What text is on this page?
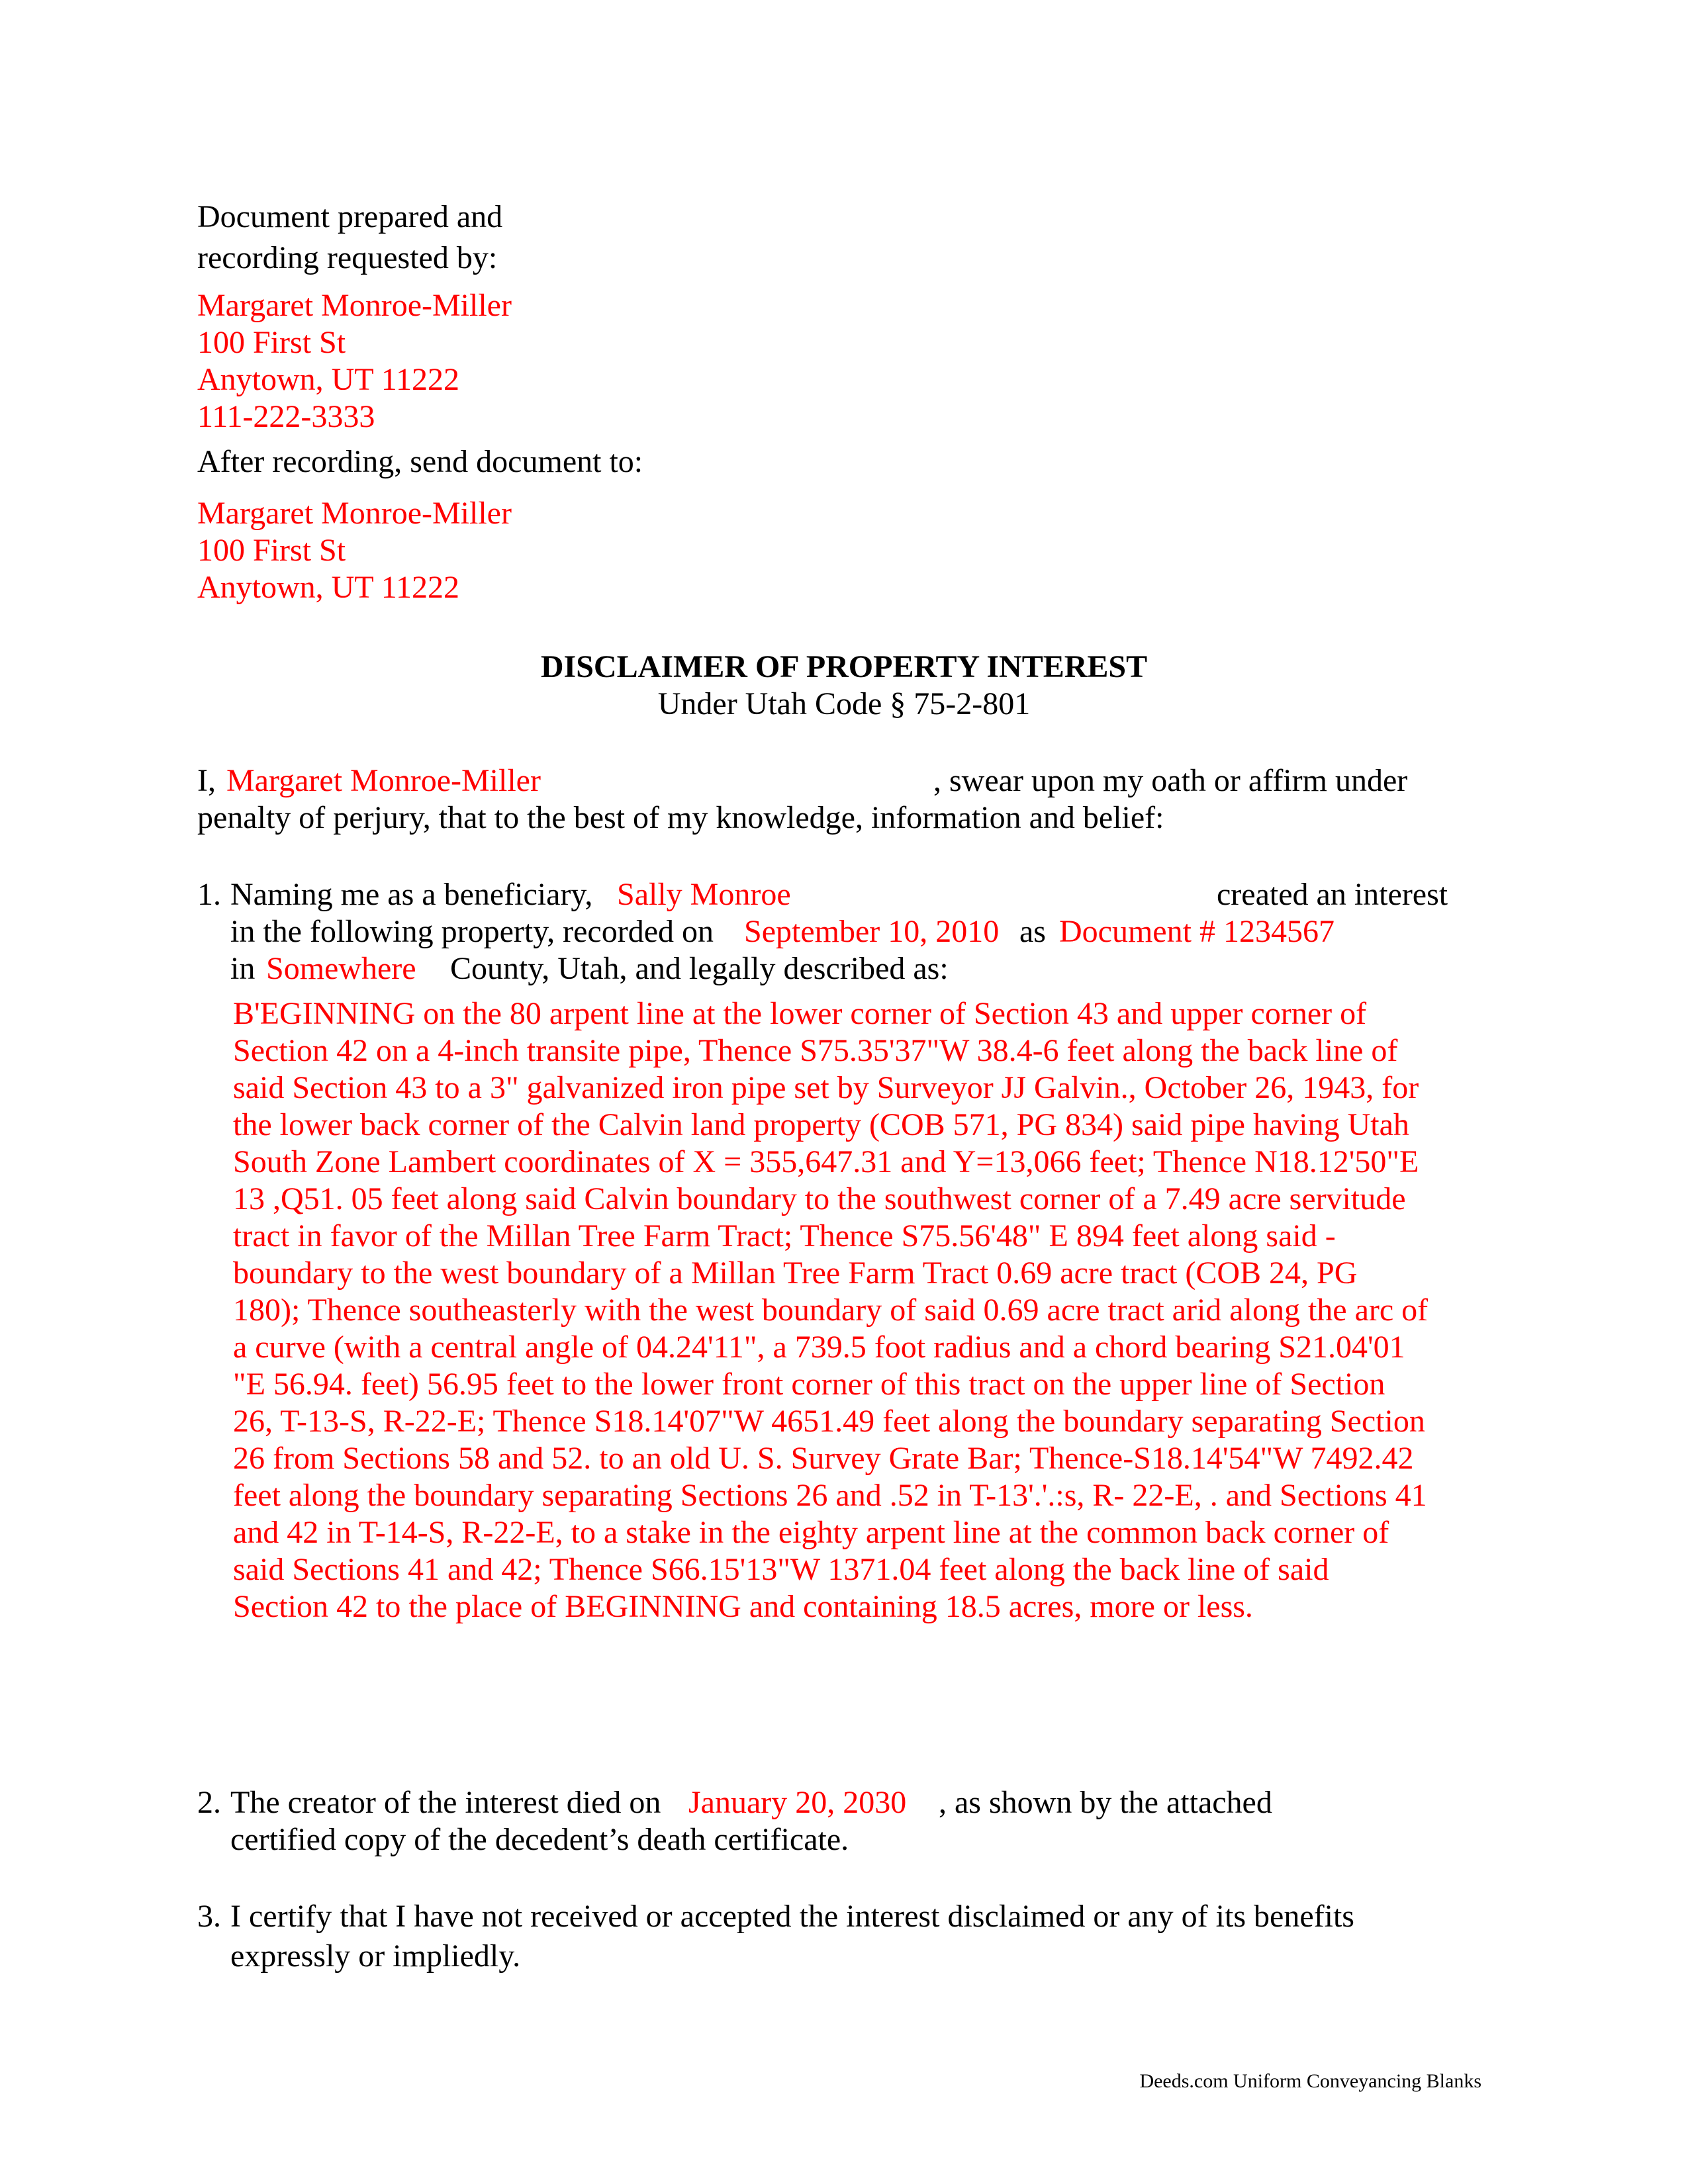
Document prepared and
recording requested by:
Margaret Monroe-Miller
100 First St
Anytown, UT 11222
111-222-3333
After recording, send document to:
Margaret Monroe-Miller
100 First St
Anytown, UT 11222
DISCLAIMER OF PROPERTY INTEREST
Under Utah Code § 75-2-801
I, Margaret Monroe-Miller	, swear upon my oath or affirm under
penalty of perjury, that to the best of my knowledge, information and belief:
1. Naming me as a beneficiary, Sally Monroe	created an interest
in the following property, recorded on September 10, 2010 as Document # 1234567
in Somewhere County, Utah, and legally described as:
B'EGINNING on the 80 arpent line at the lower corner of Section 43 and upper corner of
Section 42 on a 4-inch transite pipe, Thence S75.35'37"W 38.4-6 feet along the back line of
said Section 43 to a 3" galvanized iron pipe set by Surveyor JJ Galvin., October 26, 1943, for
the lower back corner of the Calvin land property (COB 571, PG 834) said pipe having Utah
South Zone Lambert coordinates of X = 355,647.31 and Y=13,066 feet; Thence N18.12'50"E
13 ,Q51. 05 feet along said Calvin boundary to the southwest corner of a 7.49 acre servitude
tract in favor of the Millan Tree Farm Tract; Thence S75.56'48" E 894 feet along said -
boundary to the west boundary of a Millan Tree Farm Tract 0.69 acre tract (COB 24, PG
180); Thence southeasterly with the west boundary of said 0.69 acre tract arid along the arc of
a curve (with a central angle of 04.24'11", a 739.5 foot radius and a chord bearing S21.04'01
"E 56.94. feet) 56.95 feet to the lower front corner of this tract on the upper line of Section
26, T-13-S, R-22-E; Thence S18.14'07"W 4651.49 feet along the boundary separating Section
26 from Sections 58 and 52. to an old U. S. Survey Grate Bar; Thence-S18.14'54"W 7492.42
feet along the boundary separating Sections 26 and .52 in T-13'.'.:s, R- 22-E, . and Sections 41
and 42 in T-14-S, R-22-E, to a stake in the eighty arpent line at the common back corner of
said Sections 41 and 42; Thence S66.15'13"W 1371.04 feet along the back line of said
Section 42 to the place of BEGINNING and containing 18.5 acres, more or less.
2. The creator of the interest died on January 20, 2030 , as shown by the attached
certified copy of the decedent’s death certificate.
3. I certify that I have not received or accepted the interest disclaimed or any of its benefits
expressly or impliedly.
Deeds.com Uniform Conveyancing Blanks
